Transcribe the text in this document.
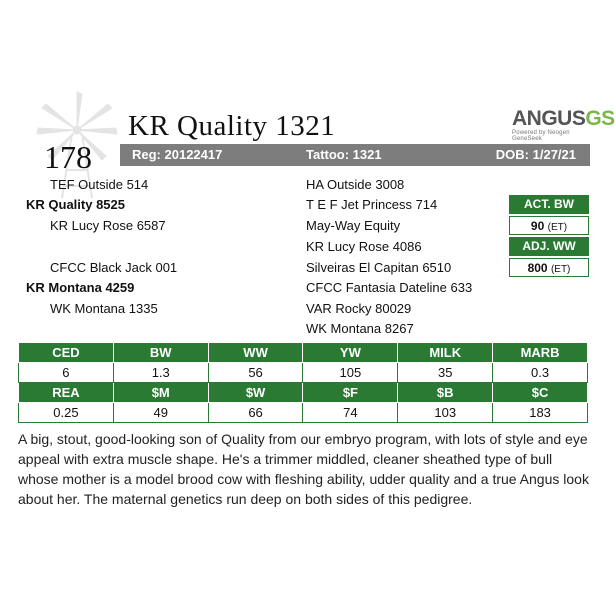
178
KR Quality 1321	ANGUSGS
Powered by Neogen GeneSeek
Reg: 20122417	Tattoo: 1321	DOB: 1/27/21
TEF Outside 514
KR Quality 8525
KR Lucy Rose 6587
CFCC Black Jack 001
KR Montana 4259
WK Montana 1335
HA Outside 3008
T E F Jet Princess 714
May-Way Equity
KR Lucy Rose 4086
Silveiras El Capitan 6510
CFCC Fantasia Dateline 633
VAR Rocky 80029
WK Montana 8267
ACT. BW
90 (ET)
ADJ. WW
800 (ET)
CED	BW	WW	YW	MILK	MARB
6	1.3	56	105	35	0.3
REA	$M	$W	$F	$B	$C
0.25	49	66	74	103	183
A big, stout, good-looking son of Quality from our embryo program, with lots of style and eye appeal with extra muscle shape. He's a trimmer middled, cleaner sheathed type of bull whose mother is a model brood cow with fleshing ability, udder quality and a true Angus look about her. The maternal genetics run deep on both sides of this pedigree.
